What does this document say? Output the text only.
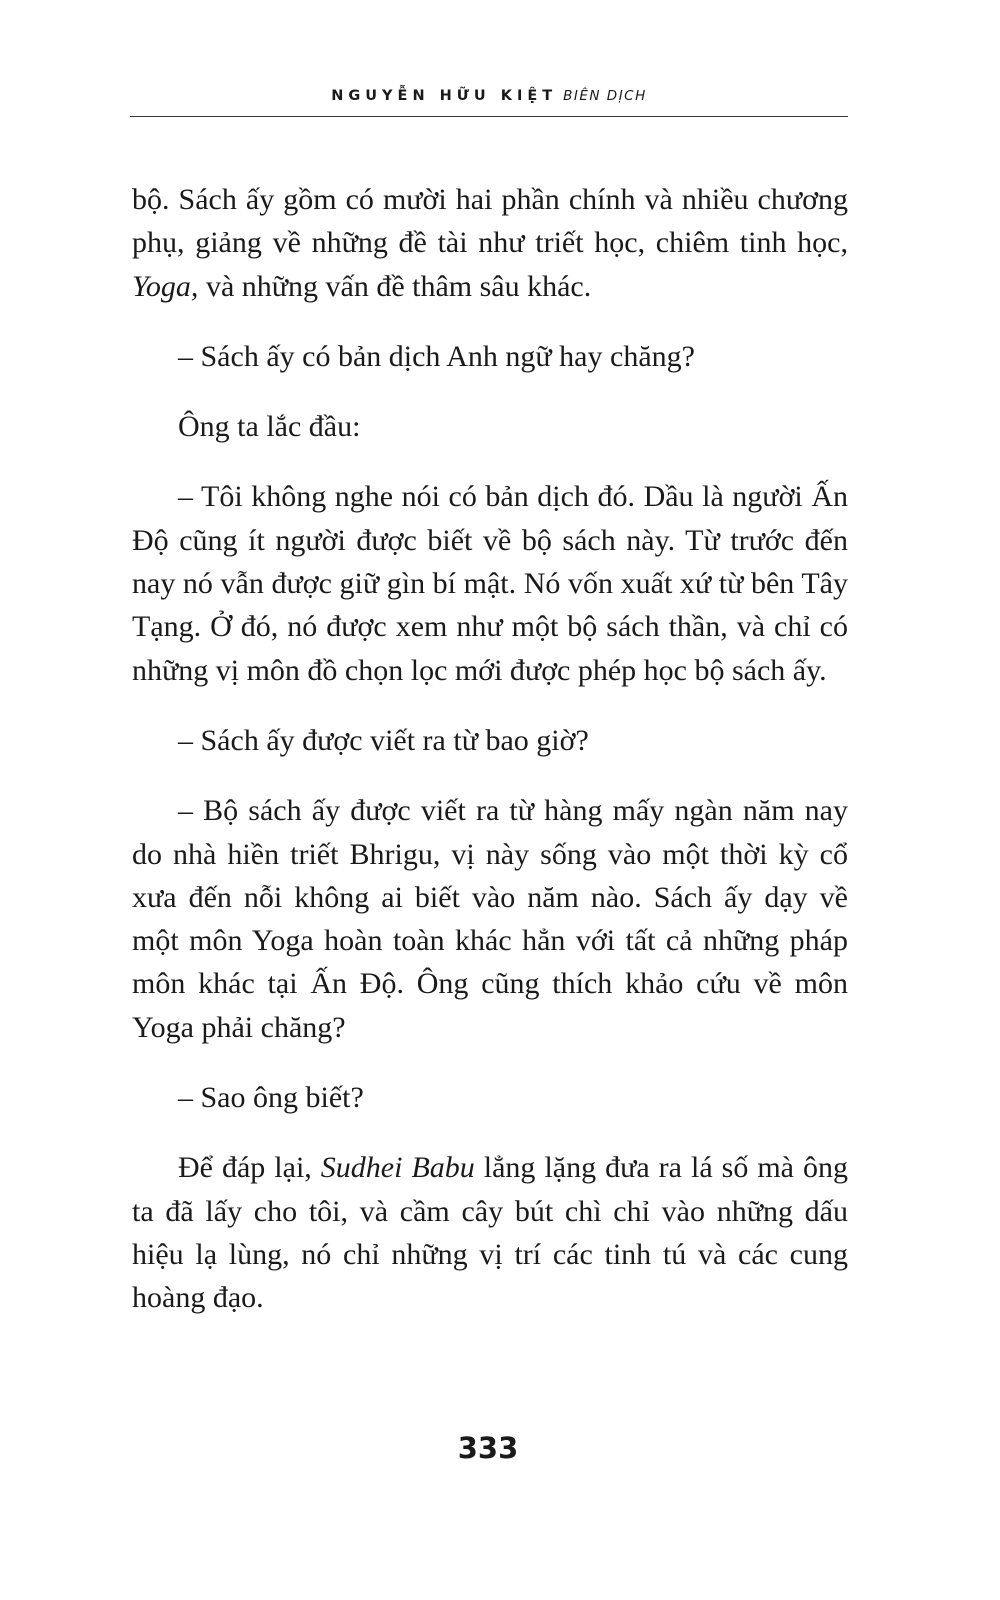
NGUYỄN HỮU KIỆT BIÊN DỊCH

bộ. Sách ấy gồm có mười hai phần chính và nhiều chương phụ, giảng về những đề tài như triết học, chiêm tinh học, Yoga, và những vấn đề thâm sâu khác.

– Sách ấy có bản dịch Anh ngữ hay chăng?

Ông ta lắc đầu:

– Tôi không nghe nói có bản dịch đó. Dầu là người Ấn Độ cũng ít người được biết về bộ sách này. Từ trước đến nay nó vẫn được giữ gìn bí mật. Nó vốn xuất xứ từ bên Tây Tạng. Ở đó, nó được xem như một bộ sách thần, và chỉ có những vị môn đồ chọn lọc mới được phép học bộ sách ấy.

– Sách ấy được viết ra từ bao giờ?

– Bộ sách ấy được viết ra từ hàng mấy ngàn năm nay do nhà hiền triết Bhrigu, vị này sống vào một thời kỳ cổ xưa đến nỗi không ai biết vào năm nào. Sách ấy dạy về một môn Yoga hoàn toàn khác hẳn với tất cả những pháp môn khác tại Ấn Độ. Ông cũng thích khảo cứu về môn Yoga phải chăng?

– Sao ông biết?

Để đáp lại, Sudhei Babu lẳng lặng đưa ra lá số mà ông ta đã lấy cho tôi, và cầm cây bút chì chỉ vào những dấu hiệu lạ lùng, nó chỉ những vị trí các tinh tú và các cung hoàng đạo.

333
